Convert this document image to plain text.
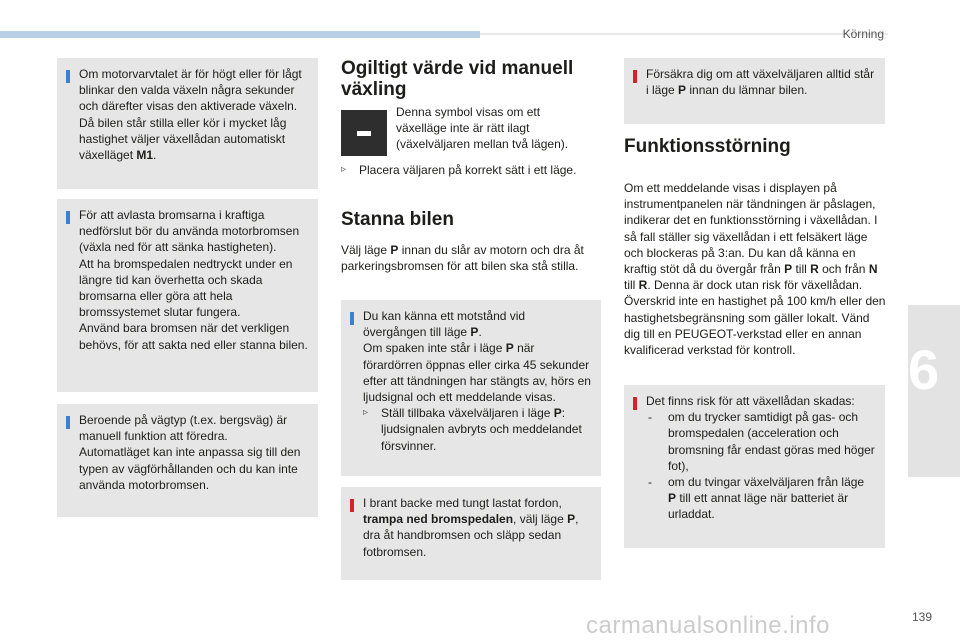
Körning
6

Om motorvarvtalet är för högt eller för lågt blinkar den valda växeln några sekunder och därefter visas den aktiverade växeln. Då bilen står stilla eller kör i mycket låg hastighet väljer växellådan automatiskt växelläget M1.

För att avlasta bromsarna i kraftiga nedförslut bör du använda motorbromsen (växla ned för att sänka hastigheten).

Att ha bromspedalen nedtryckt under en längre tid kan överhetta och skada bromsarna eller göra att hela bromssystemet slutar fungera.

Använd bara bromsen när det verkligen behövs, för att sakta ned eller stanna bilen.

Beroende på vägtyp (t.ex. bergsväg) är manuell funktion att föredra.

Automatläget kan inte anpassa sig till den typen av vägförhållanden och du kan inte använda motorbromsen.

Ogiltigt värde vid manuell växling

Denna symbol visas om ett växelläge inte är rätt ilagt (växelväljaren mellan två lägen).

▹ Placera väljaren på korrekt sätt i ett läge.

Stanna bilen

Välj läge P innan du slår av motorn och dra åt parkeringsbromsen för att bilen ska stå stilla.

Du kan känna ett motstånd vid övergången till läge P.

Om spaken inte står i läge P när förardörren öppnas eller cirka 45 sekunder efter att tändningen har stängts av, hörs en ljudsignal och ett meddelande visas.

▹ Ställ tillbaka växelväljaren i läge P: ljudsignalen avbryts och meddelandet försvinner.

I brant backe med tungt lastat fordon, trampa ned bromspedalen, välj läge P, dra åt handbromsen och släpp sedan fotbromsen.

Försäkra dig om att växelväljaren alltid står i läge P innan du lämnar bilen.

Funktionsstörning

Om ett meddelande visas i displayen på instrumentpanelen när tändningen är påslagen, indikerar det en funktionsstörning i växellådan. I så fall ställer sig växellådan i ett felsäkert läge och blockeras på 3:an. Du kan då känna en kraftig stöt då du övergår från P till R och från N till R. Denna är dock utan risk för växellådan. Överskrid inte en hastighet på 100 km/h eller den hastighetsbegränsning som gäller lokalt. Vänd dig till en PEUGEOT-verkstad eller en annan kvalificerad verkstad för kontroll.

Det finns risk för att växellådan skadas:

- om du trycker samtidigt på gas- och bromspedalen (acceleration och bromsning får endast göras med höger fot),
- om du tvingar växelväljaren från läge P till ett annat läge när batteriet är urladdat.
carmanualsonline.info	139
